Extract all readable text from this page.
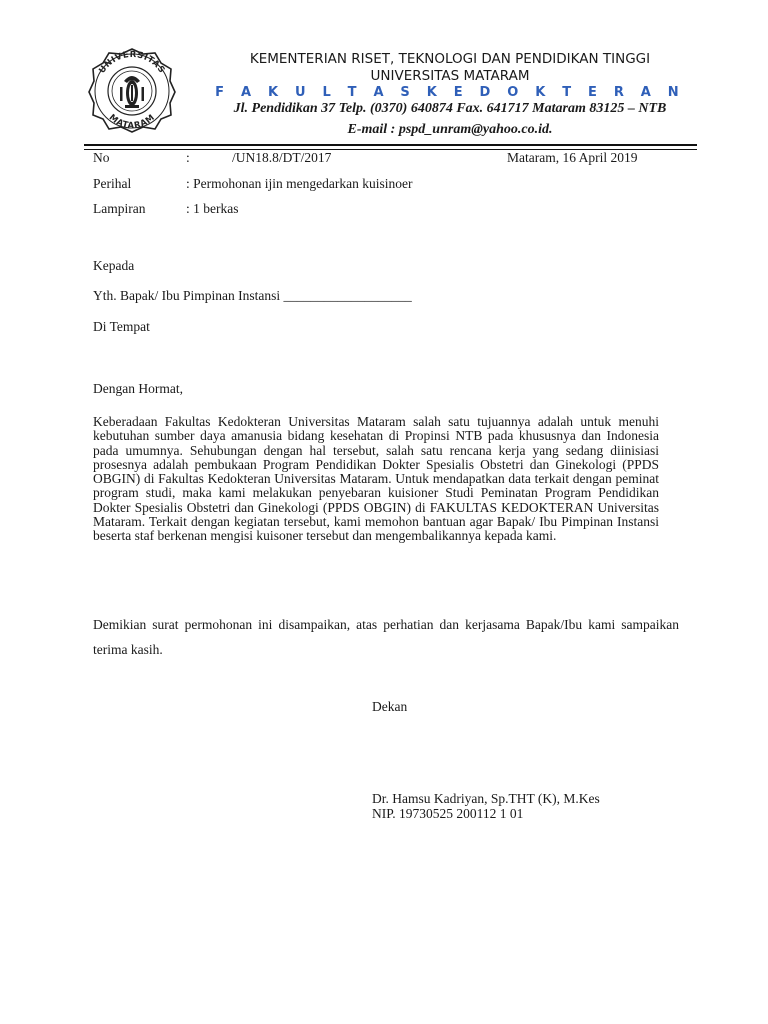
UNIVERSITAS
MATARAM
KEMENTERIAN RISET, TEKNOLOGI DAN PENDIDIKAN TINGGI
UNIVERSITAS MATARAM
F A K U L T A S K E D O K T E R A N
Jl. Pendidikan 37 Telp. (0370) 640874 Fax. 641717 Mataram 83125 – NTB
E-mail : pspd_unram@yahoo.co.id.
No	:	/UN18.8/DT/2017	Mataram, 16 April 2019
Perihal	: Permohonan ijin mengedarkan kuisinoer
Lampiran	: 1 berkas
Kepada
Yth. Bapak/ Ibu Pimpinan Instansi ___________________
Di Tempat
Dengan Hormat,
Keberadaan Fakultas Kedokteran Universitas Mataram salah satu tujuannya adalah untuk menuhi kebutuhan sumber daya amanusia bidang kesehatan di Propinsi NTB pada khususnya dan Indonesia pada umumnya. Sehubungan dengan hal tersebut, salah satu rencana kerja yang sedang diinisiasi prosesnya adalah pembukaan Program Pendidikan Dokter Spesialis Obstetri dan Ginekologi (PPDS OBGIN) di Fakultas Kedokteran Universitas Mataram. Untuk mendapatkan data terkait dengan peminat program studi, maka kami melakukan penyebaran kuisioner Studi Peminatan Program Pendidikan Dokter Spesialis Obstetri dan Ginekologi (PPDS OBGIN) di FAKULTAS KEDOKTERAN Universitas Mataram. Terkait dengan kegiatan tersebut, kami memohon bantuan agar Bapak/ Ibu Pimpinan Instansi beserta staf berkenan mengisi kuisoner tersebut dan mengembalikannya kepada kami.
Demikian surat permohonan ini disampaikan, atas perhatian dan kerjasama Bapak/Ibu kami sampaikan terima kasih.
Dekan
Dr. Hamsu Kadriyan, Sp.THT (K), M.Kes
NIP. 19730525 200112 1 01
